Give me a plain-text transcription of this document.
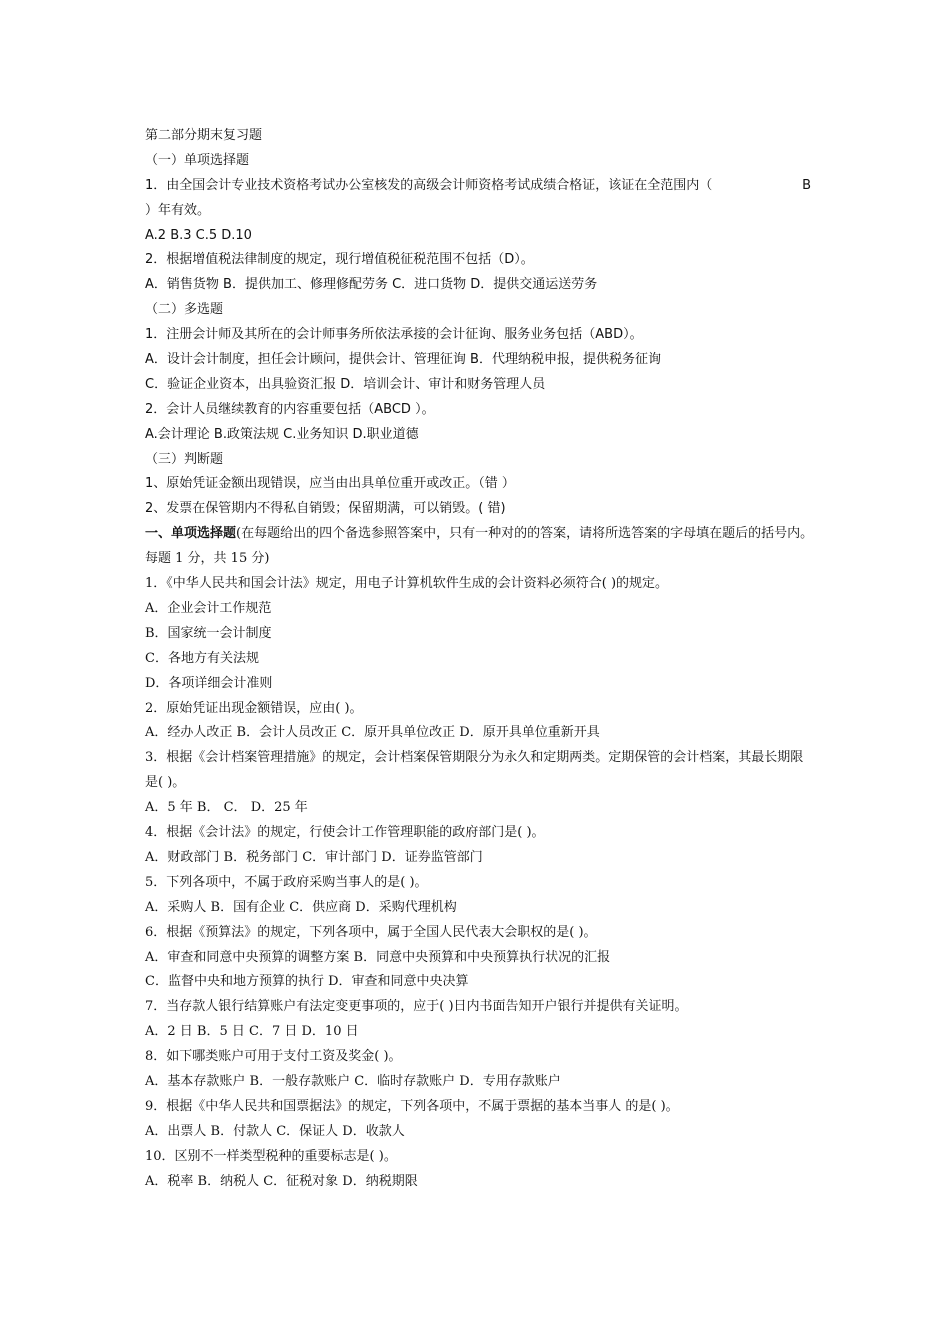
第二部分期末复习题
（一）单项选择题
1．由全国会计专业技术资格考试办公室核发的高级会计师资格考试成绩合格证，该证在全范围内（	B
）年有效。
A.2 B.3 C.5 D.10
2．根据增值税法律制度的规定，现行增值税征税范围不包括（D）。
A．销售货物 B．提供加工、修理修配劳务 C．进口货物 D．提供交通运送劳务
（二）多选题
1．注册会计师及其所在的会计师事务所依法承接的会计征询、服务业务包括（ABD）。
A．设计会计制度，担任会计顾问，提供会计、管理征询 B．代理纳税申报，提供税务征询
C．验证企业资本，出具验资汇报 D．培训会计、审计和财务管理人员
2．会计人员继续教育的内容重要包括（ABCD ）。
A.会计理论 B.政策法规 C.业务知识 D.职业道德
（三）判断题
1、原始凭证金额出现错误，应当由出具单位重开或改正。（错 ）
2、发票在保管期内不得私自销毁；保留期满，可以销毁。( 错)
一、单项选择题(在每题给出的四个备选参照答案中，只有一种对的的答案，请将所选答案的字母填在题后的括号内。每题 1 分，共 15 分)
1．《中华人民共和国会计法》规定，用电子计算机软件生成的会计资料必须符合( )的规定。
A．企业会计工作规范
B．国家统一会计制度
C．各地方有关法规
D．各项详细会计准则
2．原始凭证出现金额错误，应由( )。
A．经办人改正 B．会计人员改正 C．原开具单位改正 D．原开具单位重新开具
3．根据《会计档案管理措施》的规定，会计档案保管期限分为永久和定期两类。定期保管的会计档案，其最长期限是( )。
A．5 年 B． C． D．25 年
4．根据《会计法》的规定，行使会计工作管理职能的政府部门是( )。
A．财政部门 B．税务部门 C．审计部门 D．证券监管部门
5．下列各项中，不属于政府采购当事人的是( )。
A．采购人 B．国有企业 C．供应商 D．采购代理机构
6．根据《预算法》的规定，下列各项中，属于全国人民代表大会职权的是( )。
A．审查和同意中央预算的调整方案 B．同意中央预算和中央预算执行状况的汇报
C．监督中央和地方预算的执行 D．审查和同意中央决算
7．当存款人银行结算账户有法定变更事项的，应于( )日内书面告知开户银行并提供有关证明。
A．2 日 B．5 日 C．7 日 D．10 日
8．如下哪类账户可用于支付工资及奖金( )。
A．基本存款账户 B．一般存款账户 C．临时存款账户 D．专用存款账户
9．根据《中华人民共和国票据法》的规定，下列各项中，不属于票据的基本当事人 的是( )。
A．出票人 B．付款人 C．保证人 D．收款人
10．区别不一样类型税种的重要标志是( )。
A．税率 B．纳税人 C．征税对象 D．纳税期限
